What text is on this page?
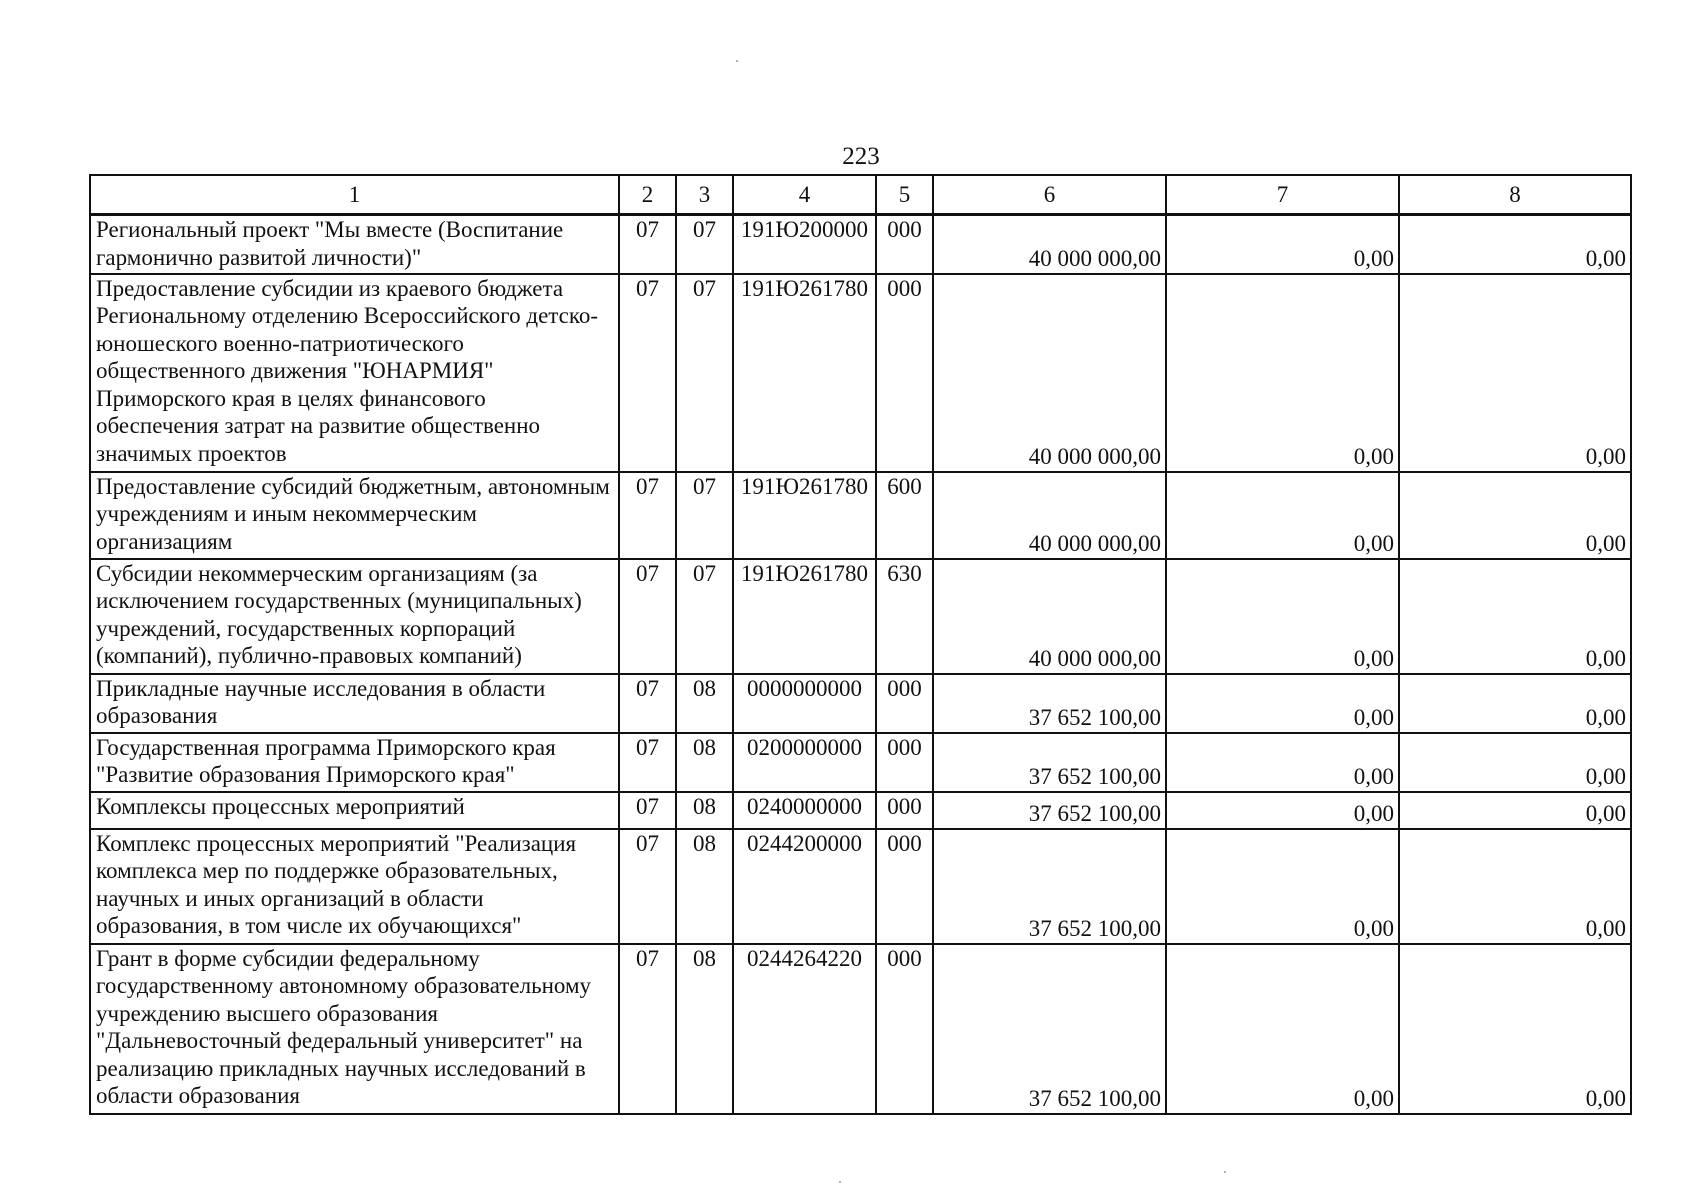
223
1	2	3	4	5	6	7	8
Региональный проект "Мы вместе (Воспитание гармонично развитой личности)"	07	07	191Ю200000	000	40 000 000,00	0,00	0,00
Предоставление субсидии из краевого бюджета Региональному отделению Всероссийского детско-юношеского военно-патриотического общественного движения "ЮНАРМИЯ" Приморского края в целях финансового обеспечения затрат на развитие общественно значимых проектов	07	07	191Ю261780	000	40 000 000,00	0,00	0,00
Предоставление субсидий бюджетным, автономным учреждениям и иным некоммерческим организациям	07	07	191Ю261780	600	40 000 000,00	0,00	0,00
Субсидии некоммерческим организациям (за исключением государственных (муниципальных) учреждений, государственных корпораций (компаний), публично-правовых компаний)	07	07	191Ю261780	630	40 000 000,00	0,00	0,00
Прикладные научные исследования в области образования	07	08	0000000000	000	37 652 100,00	0,00	0,00
Государственная программа Приморского края "Развитие образования Приморского края"	07	08	0200000000	000	37 652 100,00	0,00	0,00
Комплексы процессных мероприятий	07	08	0240000000	000	37 652 100,00	0,00	0,00
Комплекс процессных мероприятий "Реализация комплекса мер по поддержке образовательных, научных и иных организаций в области образования, в том числе их обучающихся"	07	08	0244200000	000	37 652 100,00	0,00	0,00
Грант в форме субсидии федеральному государственному автономному образовательному учреждению высшего образования "Дальневосточный федеральный университет" на реализацию прикладных научных исследований в области образования	07	08	0244264220	000	37 652 100,00	0,00	0,00
